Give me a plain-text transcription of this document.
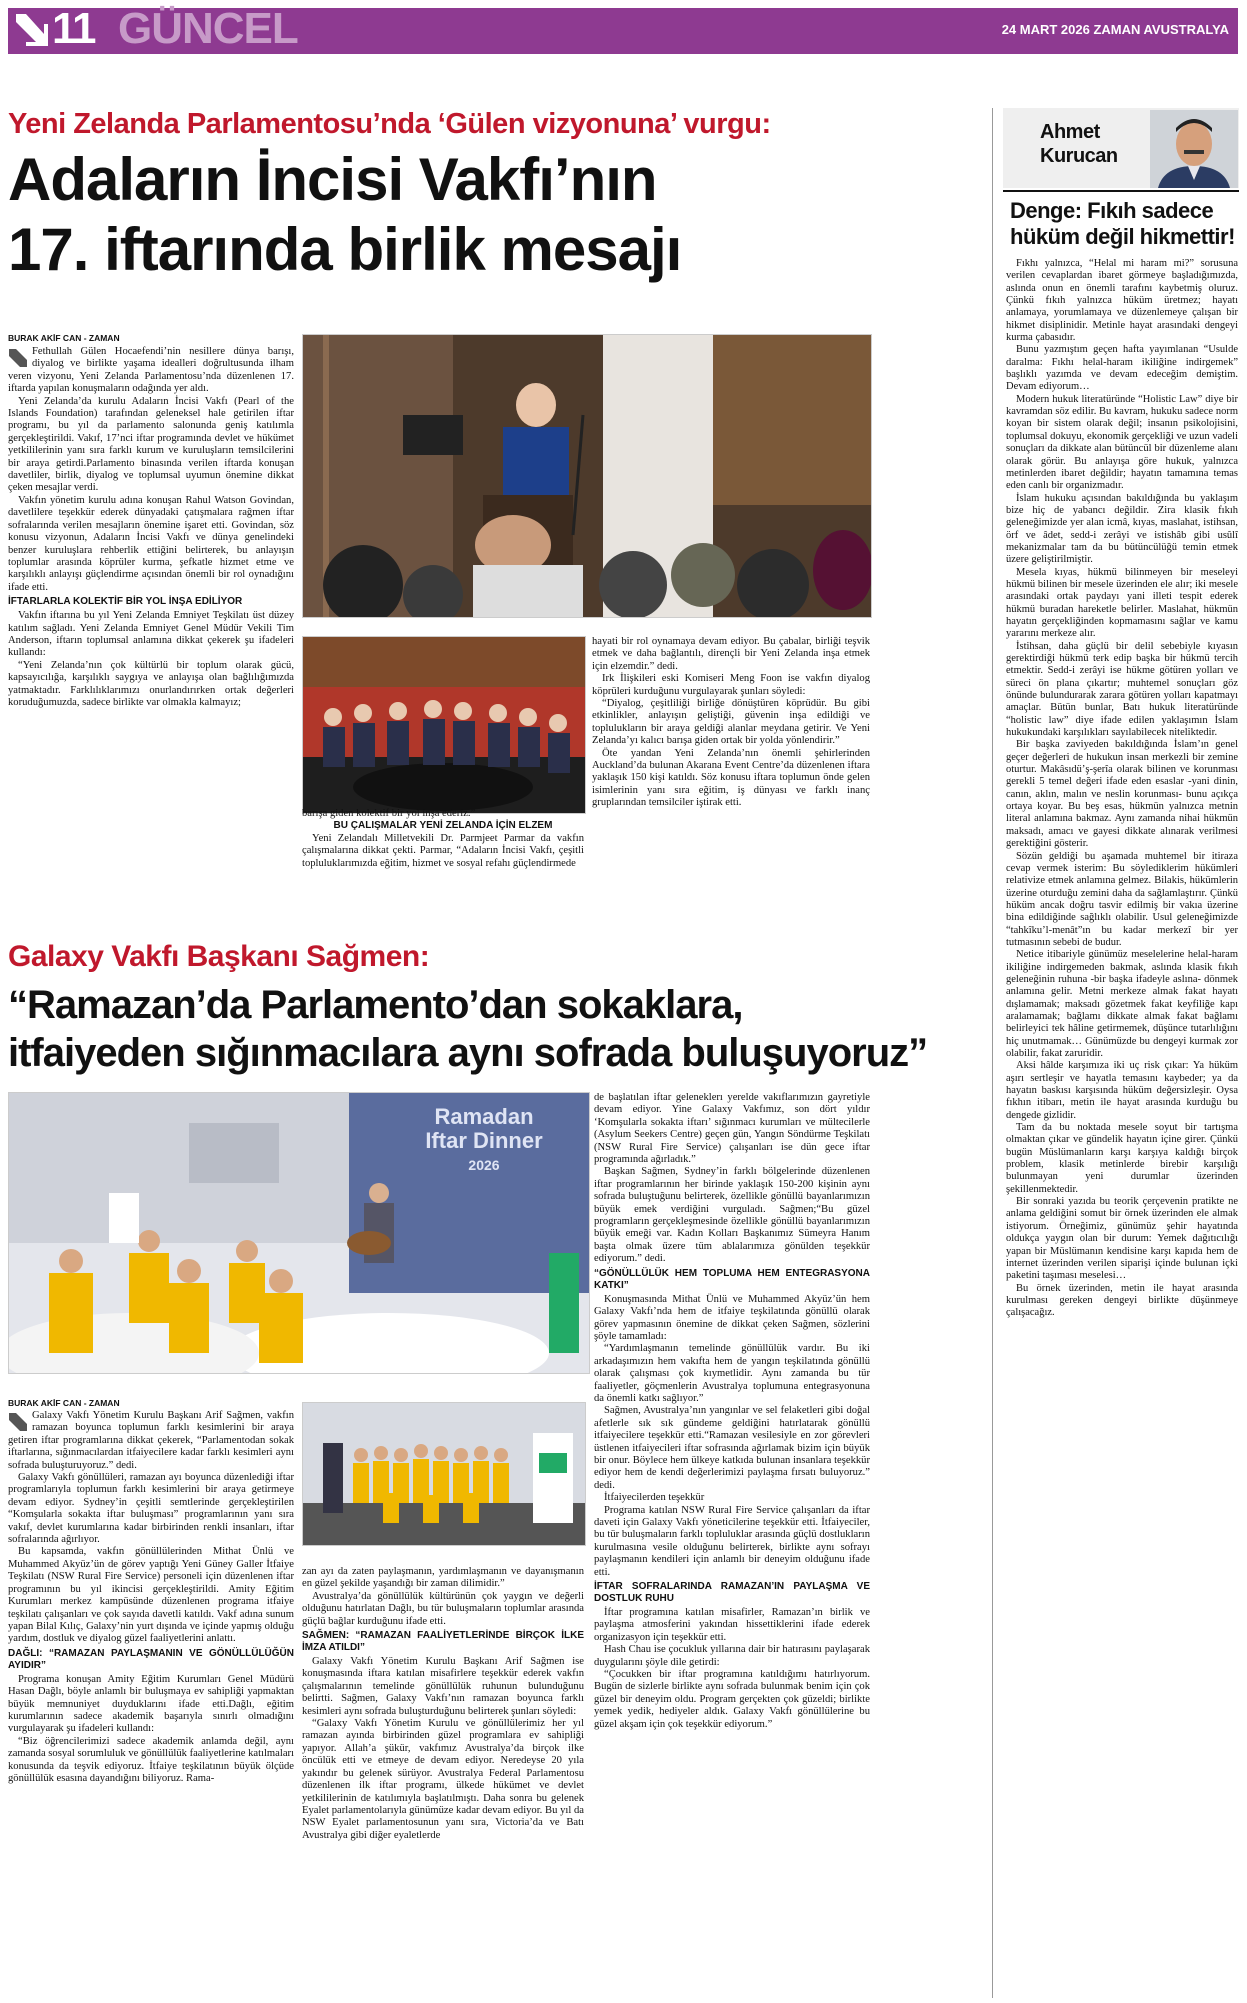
11 GÜNCEL	24 MART 2026 ZAMAN AVUSTRALYA
Yeni Zelanda Parlamentosu’nda ‘Gülen vizyonuna’ vurgu:
Adaların İncisi Vakfı’nın
17. iftarında birlik mesajı
BURAK AKİF CAN - ZAMAN

Fethullah Gülen Hocaefendi’nin nesillere dünya barışı, diyalog ve birlikte yaşama idealleri doğrultusunda ilham veren vizyonu, Yeni Zelanda Parlamentosu’nda düzenlenen 17. iftarda yapılan konuşmaların odağında yer aldı.

Yeni Zelanda’da kurulu Adaların İncisi Vakfı (Pearl of the Islands Foundation) tarafından geleneksel hale getirilen iftar programı, bu yıl da parlamento salonunda geniş katılımla gerçekleştirildi. Vakıf, 17’nci iftar programında devlet ve hükümet yetkililerinin yanı sıra farklı kurum ve kuruluşların temsilcilerini bir araya getirdi.Parlamento binasında verilen iftarda konuşan davetliler, birlik, diyalog ve toplumsal uyumun önemine dikkat çeken mesajlar verdi.

Vakfın yönetim kurulu adına konuşan Rahul Watson Govindan, davetlilere teşekkür ederek dünyadaki çatışmalara rağmen iftar sofralarında verilen mesajların önemine işaret etti. Govindan, söz konusu vizyonun, Adaların İncisi Vakfı ve dünya genelindeki benzer kuruluşlara rehberlik ettiğini belirterek, bu anlayışın toplumlar arasında köprüler kurma, şefkatle hizmet etme ve karşılıklı anlayışı güçlendirme açısından önemli bir rol oynadığını ifade etti.

İFTARLARLA KOLEKTİF BİR YOL İNŞA EDİLİYOR

Vakfın iftarına bu yıl Yeni Zelanda Emniyet Teşkilatı üst düzey katılım sağladı. Yeni Zelanda Emniyet Genel Müdür Vekili Tim Anderson, iftarın toplumsal anlamına dikkat çekerek şu ifadeleri kullandı:

“Yeni Zelanda’nın çok kültürlü bir toplum olarak gücü, kapsayıcılığa, karşılıklı saygıya ve anlayışa olan bağlılığımızda yatmaktadır. Farklılıklarımızı onurlandırırken ortak değerleri koruduğumuzda, sadece birlikte var olmakla kalmayız;

barışa giden kolektif bir yol inşa ederiz.”

BU ÇALIŞMALAR YENİ ZELANDA İÇİN ELZEM

Yeni Zelandalı Milletvekili Dr. Parmjeet Parmar da vakfın çalışmalarına dikkat çekti. Parmar, “Adaların İncisi Vakfı, çeşitli topluluklarımızda eğitim, hizmet ve sosyal refahı güçlendirmede

hayati bir rol oynamaya devam ediyor. Bu çabalar, birliği teşvik etmek ve daha bağlantılı, dirençli bir Yeni Zelanda inşa etmek için elzemdir.” dedi.

Irk İlişkileri eski Komiseri Meng Foon ise vakfın diyalog köprüleri kurduğunu vurgulayarak şunları söyledi:

“Diyalog, çeşitliliği birliğe dönüştüren köprüdür. Bu gibi etkinlikler, anlayışın geliştiği, güvenin inşa edildiği ve toplulukların bir araya geldiği alanlar meydana getirir. Ve Yeni Zelanda’yı kalıcı barışa giden ortak bir yolda yönlendirir.”

Öte yandan Yeni Zelanda’nın önemli şehirlerinden Auckland’da bulunan Akarana Event Centre’da düzenlenen iftara yaklaşık 150 kişi katıldı. Söz konusu iftara toplumun önde gelen isimlerinin yanı sıra eğitim, iş dünyası ve farklı inanç gruplarından temsilciler iştirak etti.

Galaxy Vakfı Başkanı Sağmen:
“Ramazan’da Parlamento’dan sokaklara,
itfaiyeden sığınmacılara aynı sofrada buluşuyoruz”
Ramadan
Iftar Dinner
2026

de başlatılan iftar geleneklerı yerelde vakıflarımızın gayretiyle devam ediyor. Yine Galaxy Vakfımız, son dört yıldır ‘Komşularla sokakta iftarı’ sığınmacı kurumları ve mültecilerle (Asylum Seekers Centre) geçen gün, Yangın Söndürme Teşkilatı (NSW Rural Fire Service) çalışanları ise dün gece iftar programında ağırladık.”

Başkan Sağmen, Sydney’in farklı bölgelerinde düzenlenen iftar programlarının her birinde yaklaşık 150-200 kişinin aynı sofrada buluştuğunu belirterek, özellikle gönüllü bayanlarımızın büyük emek verdiğini vurguladı. Sağmen;“Bu güzel programların gerçekleşmesinde özellikle gönüllü bayanlarımızın büyük emeği var. Kadın Kolları Başkanımız Sümeyra Hanım başta olmak üzere tüm ablalarımıza gönülden teşekkür ediyorum.” dedi.

“GÖNÜLLÜLÜK HEM TOPLUMA HEM ENTEGRASYONA KATKI”

Konuşmasında Mithat Ünlü ve Muhammed Akyüz’ün hem Galaxy Vakfı’nda hem de itfaiye teşkilatında gönüllü olarak görev yapmasının önemine de dikkat çeken Sağmen, sözlerini şöyle tamamladı:

“Yardımlaşmanın temelinde gönüllülük vardır. Bu iki arkadaşımızın hem vakıfta hem de yangın teşkilatında gönüllü olarak çalışması çok kıymetlidir. Aynı zamanda bu tür faaliyetler, göçmenlerin Avustralya toplumuna entegrasyonuna da önemli katkı sağlıyor.”

Sağmen, Avustralya’nın yangınlar ve sel felaketleri gibi doğal afetlerle sık sık gündeme geldiğini hatırlatarak gönüllü itfaiyecilere teşekkür etti.“Ramazan vesilesiyle en zor görevleri üstlenen itfaiyecileri iftar sofrasında ağırlamak bizim için büyük bir onur. Böylece hem ülkeye katkıda bulunan insanlara teşekkür ediyor hem de kendi değerlerimizi paylaşma fırsatı buluyoruz.” dedi.

İtfaiyecilerden teşekkür

Programa katılan NSW Rural Fire Service çalışanları da iftar daveti için Galaxy Vakfı yöneticilerine teşekkür etti. İtfaiyeciler, bu tür buluşmaların farklı topluluklar arasında güçlü dostlukların kurulmasına vesile olduğunu belirterek, birlikte aynı sofrayı paylaşmanın kendileri için anlamlı bir deneyim olduğunu ifade etti.

İFTAR SOFRALARINDA RAMAZAN’IN PAYLAŞMA VE DOSTLUK RUHU

İftar programına katılan misafirler, Ramazan’ın birlik ve paylaşma atmosferini yakından hissettiklerini ifade ederek organizasyon için teşekkür etti.

Hash Chau ise çocukluk yıllarına dair bir hatırasını paylaşarak duygularını şöyle dile getirdi:

“Çocukken bir iftar programına katıldığımı hatırlıyorum. Bugün de sizlerle birlikte aynı sofrada bulunmak benim için çok güzel bir deneyim oldu. Program gerçekten çok güzeldi; birlikte yemek yedik, hediyeler aldık. Galaxy Vakfı gönüllülerine bu güzel akşam için çok teşekkür ediyorum.”

BURAK AKİF CAN - ZAMAN

Galaxy Vakfı Yönetim Kurulu Başkanı Arif Sağmen, vakfın ramazan boyunca toplumun farklı kesimlerini bir araya getiren iftar programlarına dikkat çekerek, “Parlamentodan sokak iftarlarına, sığınmacılardan itfaiyecilere kadar farklı kesimleri aynı sofrada buluşturuyoruz.” dedi.

Galaxy Vakfı gönüllüleri, ramazan ayı boyunca düzenlediği iftar programlarıyla toplumun farklı kesimlerini bir araya getirmeye devam ediyor. Sydney’in çeşitli semtlerinde gerçekleştirilen “Komşularla sokakta iftar buluşması” programlarının yanı sıra vakıf, devlet kurumlarına kadar birbirinden renkli insanları, iftar sofralarında ağırlıyor.

Bu kapsamda, vakfın gönüllülerinden Mithat Ünlü ve Muhammed Akyüz’ün de görev yaptığı Yeni Güney Galler İtfaiye Teşkilatı (NSW Rural Fire Service) personeli için düzenlenen iftar programının bu yıl ikincisi gerçekleştirildi. Amity Eğitim Kurumları merkez kampüsünde düzenlenen programa itfaiye teşkilatı çalışanları ve çok sayıda davetli katıldı. Vakf adına sunum yapan Bilal Kılıç, Galaxy’nin yurt dışında ve içinde yapmış olduğu yardım, dostluk ve diyalog güzel faaliyetlerini anlattı.

DAĞLI: “RAMAZAN PAYLAŞMANIN VE GÖNÜLLÜLÜĞÜN AYIDIR”

Programa konuşan Amity Eğitim Kurumları Genel Müdürü Hasan Dağlı, böyle anlamlı bir buluşmaya ev sahipliği yapmaktan büyük memnuniyet duyduklarını ifade etti.Dağlı, eğitim kurumlarının sadece akademik başarıyla sınırlı olmadığını vurgulayarak şu ifadeleri kullandı:

“Biz öğrencilerimizi sadece akademik anlamda değil, aynı zamanda sosyal sorumluluk ve gönüllülük faaliyetlerine katılmaları konusunda da teşvik ediyoruz. İtfaiye teşkilatının büyük ölçüde gönüllülük esasına dayandığını biliyoruz. Rama-

zan ayı da zaten paylaşmanın, yardımlaşmanın ve dayanışmanın en güzel şekilde yaşandığı bir zaman dilimidir.”

Avustralya’da gönüllülük kültürünün çok yaygın ve değerli olduğunu hatırlatan Dağlı, bu tür buluşmaların toplumlar arasında güçlü bağlar kurduğunu ifade etti.

SAĞMEN: “RAMAZAN FAALİYETLERİNDE BİRÇOK İLKE İMZA ATILDI”

Galaxy Vakfı Yönetim Kurulu Başkanı Arif Sağmen ise konuşmasında iftara katılan misafirlere teşekkür ederek vakfın çalışmalarının temelinde gönüllülük ruhunun bulunduğunu belirtti. Sağmen, Galaxy Vakfı’nın ramazan boyunca farklı kesimleri aynı sofrada buluşturduğunu belirterek şunları söyledi:

“Galaxy Vakfı Yönetim Kurulu ve gönüllülerimiz her yıl ramazan ayında birbirinden güzel programlara ev sahipliği yapıyor. Allah’a şükür, vakfımız Avustralya’da birçok ilke öncülük etti ve etmeye de devam ediyor. Neredeyse 20 yıla yakındır bu gelenek sürüyor. Avustralya Federal Parlamentosu düzenlenen ilk iftar programı, ülkede hükümet ve devlet yetkililerinin de katılımıyla başlatılmıştı. Daha sonra bu gelenek Eyalet parlamentolarıyla günümüze kadar devam ediyor. Bu yıl da NSW Eyalet parlamentosunun yanı sıra, Victoria’da ve Batı Avustralya gibi diğer eyaletlerde

Ahmet
Kurucan
Denge: Fıkıh sadece hüküm değil hikmettir!

Fıkhı yalnızca, “Helal mi haram mi?” sorusuna verilen cevaplardan ibaret görmeye başladığımızda, aslında onun en önemli tarafını kaybetmiş oluruz. Çünkü fıkıh yalnızca hüküm üretmez; hayatı anlamaya, yorumlamaya ve düzenlemeye çalışan bir hikmet disiplinidir. Metinle hayat arasındaki dengeyi kurma çabasıdır.

Bunu yazmıştım geçen hafta yayımlanan “Usulde daralma: Fıkhı helal-haram ikiliğine indirgemek” başlıklı yazımda ve devam edeceğim demiştim. Devam ediyorum…

Modern hukuk literatüründe “Holistic Law” diye bir kavramdan söz edilir. Bu kavram, hukuku sadece norm koyan bir sistem olarak değil; insanın psikolojisini, toplumsal dokuyu, ekonomik gerçekliği ve uzun vadeli sonuçları da dikkate alan bütüncül bir düzenleme alanı olarak görür. Bu anlayışa göre hukuk, yalnızca metinlerden ibaret değildir; hayatın tamamına temas eden canlı bir organizmadır.

İslam hukuku açısından bakıldığında bu yaklaşım bize hiç de yabancı değildir. Zira klasik fıkıh geleneğimizde yer alan icmâ, kıyas, maslahat, istihsan, örf ve âdet, sedd-i zerâyi ve istishâb gibi usûlî mekanizmalar tam da bu bütüncülüğü temin etmek üzere geliştirilmiştir.

Mesela kıyas, hükmü bilinmeyen bir meseleyi hükmü bilinen bir mesele üzerinden ele alır; iki mesele arasındaki ortak paydayı yani illeti tespit ederek hükmü buradan hareketle belirler. Maslahat, hükmün hayatın gerçekliğinden kopmamasını sağlar ve kamu yararını merkeze alır.

İstihsan, daha güçlü bir delil sebebiyle kıyasın gerektirdiği hükmü terk edip başka bir hükmü tercih etmektir. Sedd-i zerâyi ise hükme götüren yolları ve süreci ön plana çıkartır; muhtemel sonuçları göz önünde bulundurarak zarara götüren yolları kapatmayı amaçlar. Bütün bunlar, Batı hukuk literatüründe “holistic law” diye ifade edilen yaklaşımın İslam hukukundaki karşılıkları sayılabilecek niteliktedir.

Bir başka zaviyeden bakıldığında İslam’ın genel geçer değerleri de hukukun insan merkezli bir zemine oturtur. Makâsıdü’ş-şerîa olarak bilinen ve korunması gerekli 5 temel değeri ifade eden esaslar -yani dinin, canın, aklın, malın ve neslin korunması- bunu açıkça ortaya koyar. Bu beş esas, hükmün yalnızca metnin literal anlamına bakmaz. Aynı zamanda nihai hükmün maksadı, amacı ve gayesi dikkate alınarak verilmesi gerektiğini gösterir.

Sözün geldiği bu aşamada muhtemel bir itiraza cevap vermek isterim: Bu söylediklerim hükümleri relativize etmek anlamına gelmez. Bilakis, hükümlerin üzerine oturduğu zemini daha da sağlamlaştırır. Çünkü hüküm ancak doğru tasvir edilmiş bir vakıa üzerine bina edildiğinde sağlıklı olabilir. Usul geleneğimizde “tahkîku’l-menât”ın bu kadar merkezî bir yer tutmasının sebebi de budur.

Netice itibariyle günümüz meselelerine helal-haram ikiliğine indirgemeden bakmak, aslında klasik fıkıh geleneğinin ruhuna -bir başka ifadeyle aslına- dönmek anlamına gelir. Metni merkeze almak fakat hayatı dışlamamak; maksadı gözetmek fakat keyfiliğe kapı aralamamak; bağlamı dikkate almak fakat bağlamı belirleyici tek hâline getirmemek, düşünce tutarlılığını hiç unutmamak… Günümüzde bu dengeyi kurmak zor olabilir, fakat zaruridir.

Aksi hâlde karşımıza iki uç risk çıkar: Ya hüküm aşırı sertleşir ve hayatla temasını kaybeder; ya da hayatın baskısı karşısında hüküm değersizleşir. Oysa fıkhın itibarı, metin ile hayat arasında kurduğu bu dengede gizlidir.

Tam da bu noktada mesele soyut bir tartışma olmaktan çıkar ve gündelik hayatın içine girer. Çünkü bugün Müslümanların karşı karşıya kaldığı birçok problem, klasik metinlerde birebir karşılığı bulunmayan yeni durumlar üzerinden şekillenmektedir.

Bir sonraki yazıda bu teorik çerçevenin pratikte ne anlama geldiğini somut bir örnek üzerinden ele almak istiyorum. Örneğimiz, günümüz şehir hayatında oldukça yaygın olan bir durum: Yemek dağıtıcılığı yapan bir Müslümanın kendisine karşı kapıda hem de internet üzerinden verilen siparişi içinde bulunan içki paketini taşıması meselesi…

Bu örnek üzerinden, metin ile hayat arasında kurulması gereken dengeyi birlikte düşünmeye çalışacağız.
